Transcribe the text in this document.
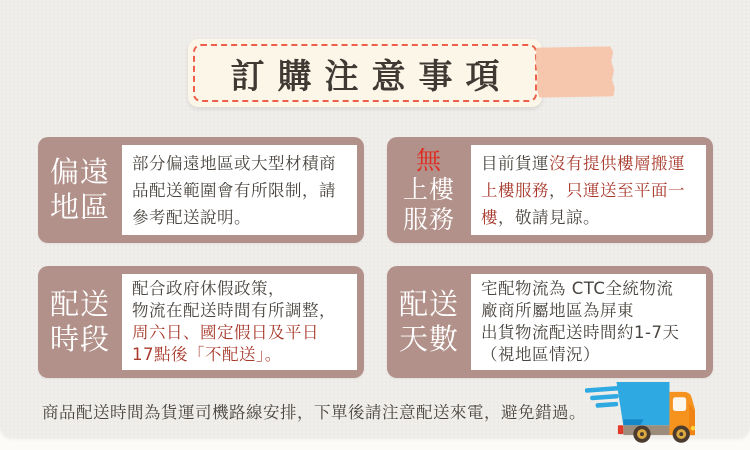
訂購注意事項
偏遠
地區
部分偏遠地區或大型材積商
品配送範圍會有所限制，請
參考配送說明。
無
上樓
服務
目前貨運沒有提供樓層搬運
上樓服務，只運送至平面一
樓，敬請見諒。
配送
時段
配合政府休假政策，
物流在配送時間有所調整，
周六日、國定假日及平日
17點後「不配送」。
配送
天數
宅配物流為 CTC全統物流
廠商所屬地區為屏東
出貨物流配送時間約1-7天
（視地區情況）
商品配送時間為貨運司機路線安排，下單後請注意配送來電，避免錯過。
